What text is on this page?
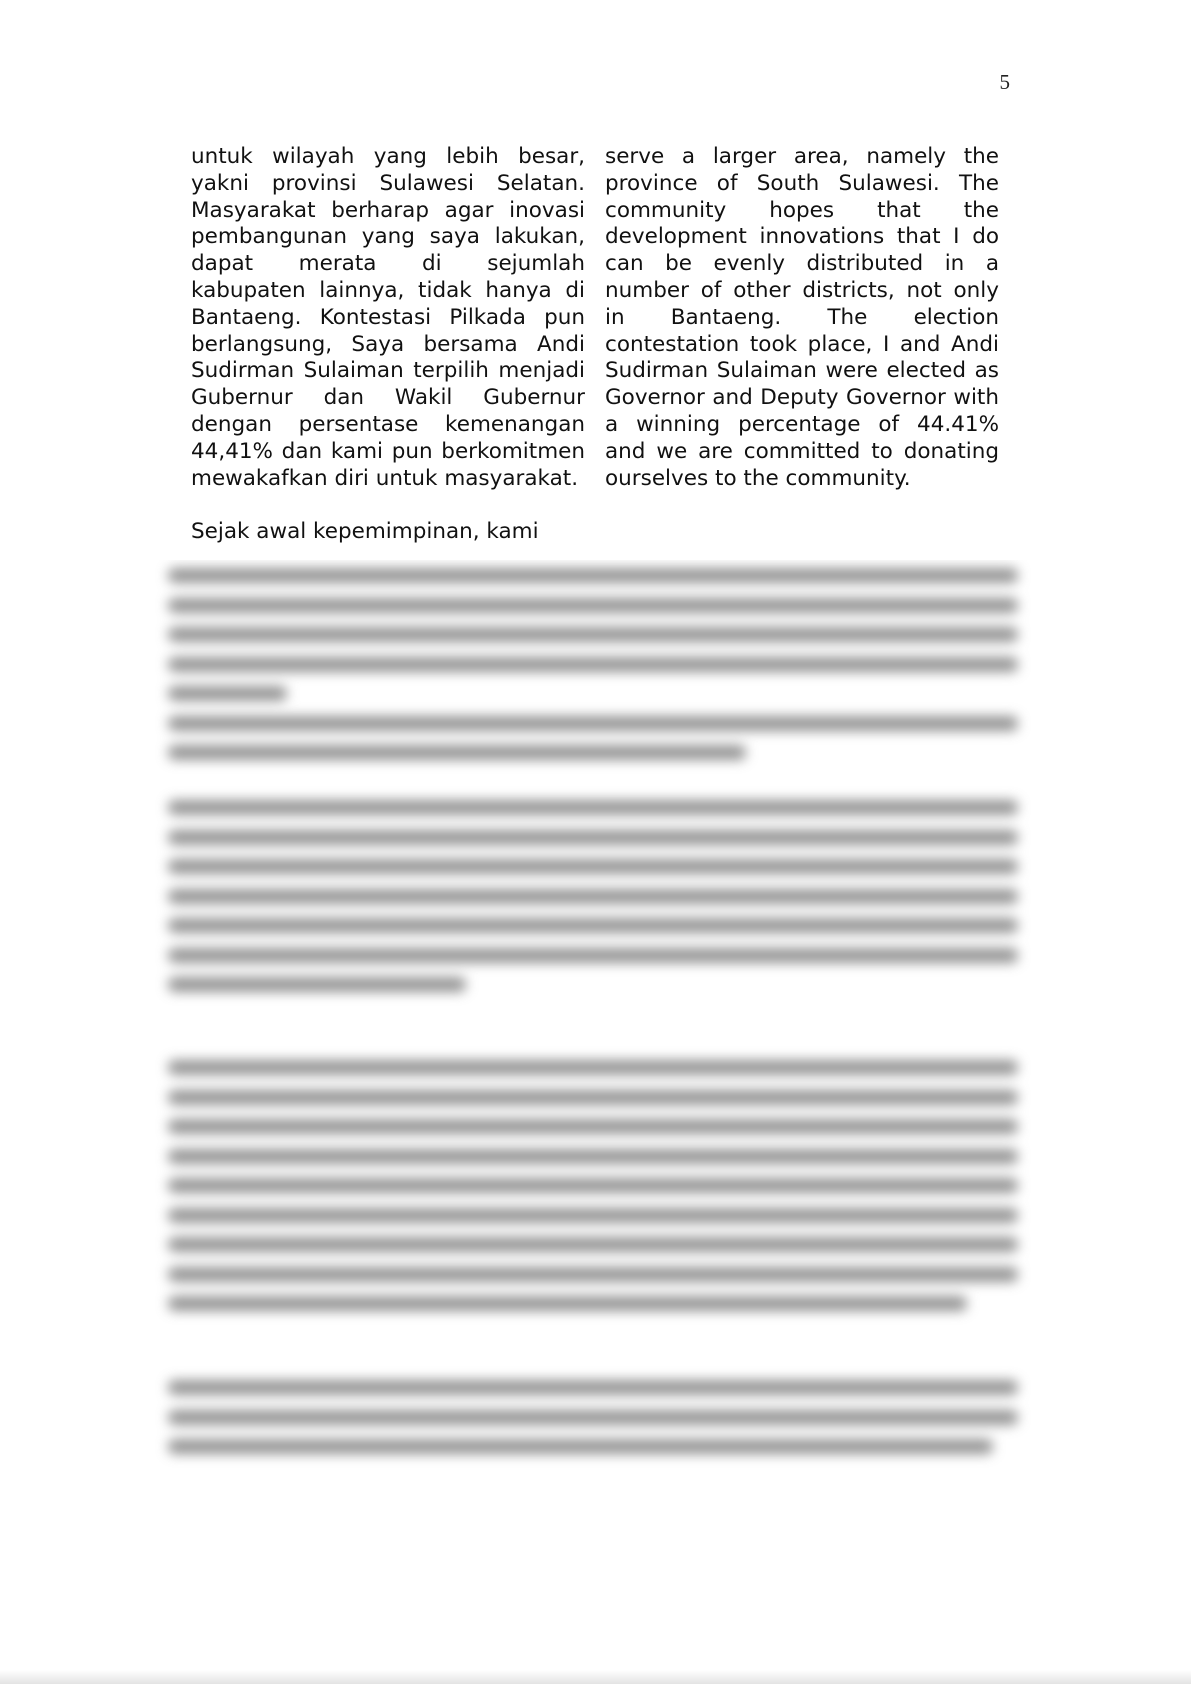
5
untuk wilayah yang lebih besar, yakni provinsi Sulawesi Selatan. Masyarakat berharap agar inovasi pembangunan yang saya lakukan, dapat merata di sejumlah kabupaten lainnya, tidak hanya di Bantaeng. Kontestasi Pilkada pun berlangsung, Saya bersama Andi Sudirman Sulaiman terpilih menjadi Gubernur dan Wakil Gubernur dengan persentase kemenangan 44,41% dan kami pun berkomitmen mewakafkan diri untuk masyarakat.
Sejak awal kepemimpinan, kami
serve a larger area, namely the province of South Sulawesi. The community hopes that the development innovations that I do can be evenly distributed in a number of other districts, not only in Bantaeng. The election contestation took place, I and Andi Sudirman Sulaiman were elected as Governor and Deputy Governor with a winning percentage of 44.41% and we are committed to donating ourselves to the community.
